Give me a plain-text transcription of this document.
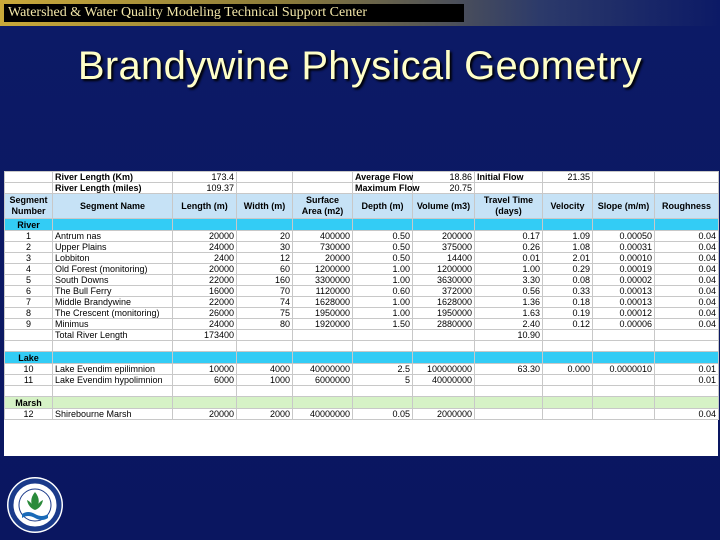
Watershed & Water Quality Modeling Technical Support Center
Brandywine Physical Geometry
	River Length (Km)	173.4			Average Flow	18.86	Initial Flow	21.35		
	River Length (miles)	109.37			Maximum Flow	20.75				
Segment Number	Segment Name	Length (m)	Width (m)	Surface Area (m2)	Depth (m)	Volume (m3)	Travel Time (days)	Velocity	Slope (m/m)	Roughness
River										
1	Antrum nas	20000	20	400000	0.50	200000	0.17	1.09	0.00050	0.04
2	Upper Plains	24000	30	730000	0.50	375000	0.26	1.08	0.00031	0.04
3	Lobbiton	2400	12	20000	0.50	14400	0.01	2.01	0.00010	0.04
4	Old Forest (monitoring)	20000	60	1200000	1.00	1200000	1.00	0.29	0.00019	0.04
5	South Downs	22000	160	3300000	1.00	3630000	3.30	0.08	0.00002	0.04
6	The Bull Ferry	16000	70	1120000	0.60	372000	0.56	0.33	0.00013	0.04
7	Middle Brandywine	22000	74	1628000	1.00	1628000	1.36	0.18	0.00013	0.04
8	The Crescent (monitoring)	26000	75	1950000	1.00	1950000	1.63	0.19	0.00012	0.04
9	Minimus	24000	80	1920000	1.50	2880000	2.40	0.12	0.00006	0.04
	Total River Length	173400					10.90			

Lake										
10	Lake Evendim epilimnion	10000	4000	40000000	2.5	100000000	63.30	0.000	0.0000010	0.01
11	Lake Evendim hypolimnion	6000	1000	6000000	5	40000000				0.01

Marsh										
12	Shirebourne Marsh	20000	2000	40000000	0.05	2000000				0.04
